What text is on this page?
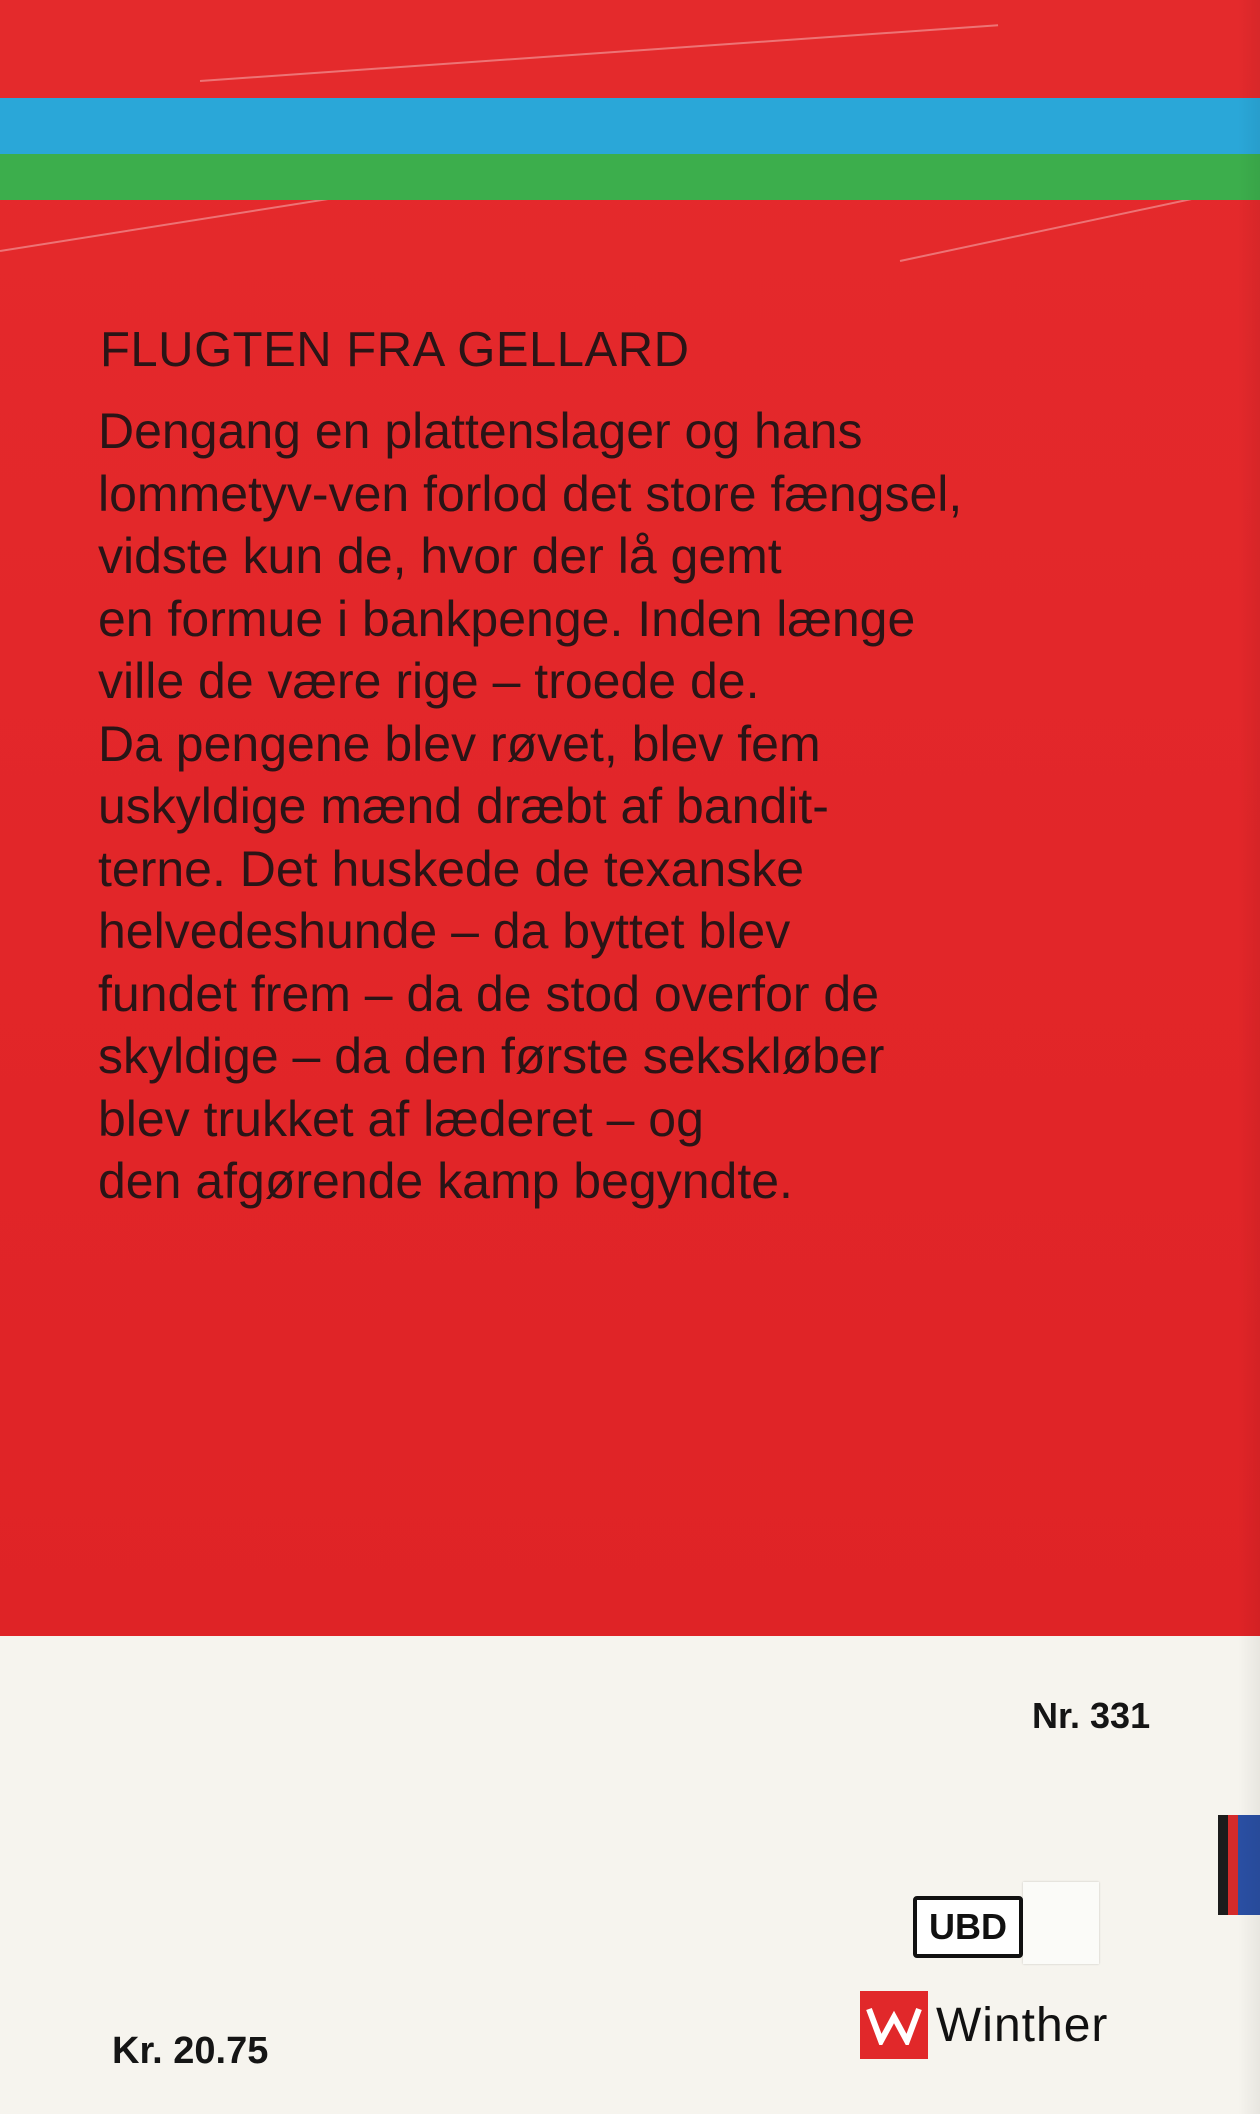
FLUGTEN FRA GELLARD
Dengang en plattenslager og hans
lommetyv-ven forlod det store fængsel,
vidste kun de, hvor der lå gemt
en formue i bankpenge. Inden længe
ville de være rige – troede de.
Da pengene blev røvet, blev fem
uskyldige mænd dræbt af bandit-
terne. Det huskede de texanske
helvedeshunde – da byttet blev
fundet frem – da de stod overfor de
skyldige – da den første sekskløber
blev trukket af læderet – og
den afgørende kamp begyndte.
Nr. 331
UBD
Winther
Kr. 20.75
